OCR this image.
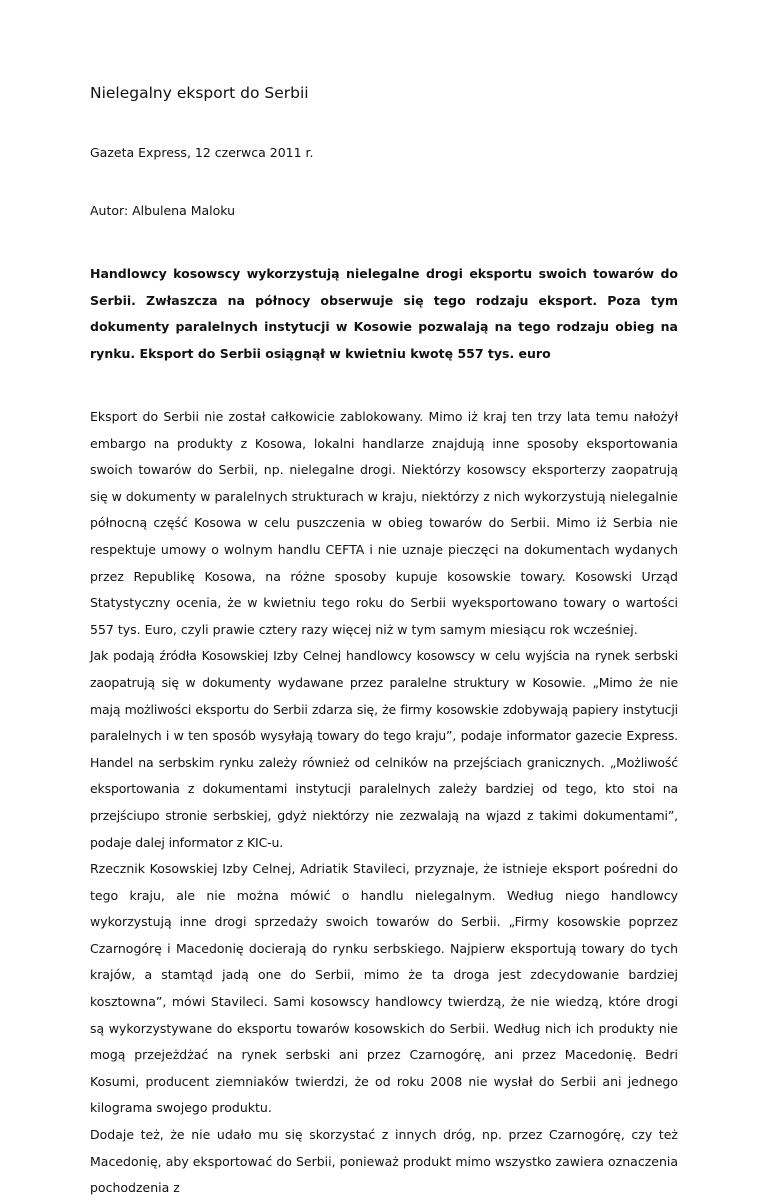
Nielegalny eksport do Serbii

Gazeta Express, 12 czerwca 2011 r.

Autor: Albulena Maloku

Handlowcy kosowscy wykorzystują nielegalne drogi eksportu swoich towarów do Serbii. Zwłaszcza na północy obserwuje się tego rodzaju eksport. Poza tym dokumenty paralelnych instytucji w Kosowie pozwalają na tego rodzaju obieg na rynku. Eksport do Serbii osiągnął w kwietniu kwotę 557 tys. euro

Eksport do Serbii nie został całkowicie zablokowany. Mimo iż kraj ten trzy lata temu nałożył embargo na produkty z Kosowa, lokalni handlarze znajdują inne sposoby eksportowania swoich towarów do Serbii, np. nielegalne drogi. Niektórzy kosowscy eksporterzy zaopatrują się w dokumenty w paralelnych strukturach w kraju, niektórzy z nich wykorzystują nielegalnie północną część Kosowa w celu puszczenia w obieg towarów do Serbii. Mimo iż Serbia nie respektuje umowy o wolnym handlu CEFTA i nie uznaje pieczęci na dokumentach wydanych przez Republikę Kosowa, na różne sposoby kupuje kosowskie towary. Kosowski Urząd Statystyczny ocenia, że w kwietniu tego roku do Serbii wyeksportowano towary o wartości 557 tys. Euro, czyli prawie cztery razy więcej niż w tym samym miesiącu rok wcześniej.

Jak podają źródła Kosowskiej Izby Celnej handlowcy kosowscy w celu wyjścia na rynek serbski zaopatrują się w dokumenty wydawane przez paralelne struktury w Kosowie. „Mimo że nie mają możliwości eksportu do Serbii zdarza się, że firmy kosowskie zdobywają papiery instytucji paralelnych i w ten sposób wysyłają towary do tego kraju”, podaje informator gazecie Express. Handel na serbskim rynku zależy również od celników na przejściach granicznych. „Możliwość eksportowania z dokumentami instytucji paralelnych zależy bardziej od tego, kto stoi na przejściupo stronie serbskiej, gdyż niektórzy nie zezwalają na wjazd z takimi dokumentami”, podaje dalej informator z KIC-u.

Rzecznik Kosowskiej Izby Celnej, Adriatik Stavileci, przyznaje, że istnieje eksport pośredni do tego kraju, ale nie można mówić o handlu nielegalnym. Według niego handlowcy wykorzystują inne drogi sprzedaży swoich towarów do Serbii. „Firmy kosowskie poprzez Czarnogórę i Macedonię docierają do rynku serbskiego. Najpierw eksportują towary do tych krajów, a stamtąd jadą one do Serbii, mimo że ta droga jest zdecydowanie bardziej kosztowna”, mówi Stavileci. Sami kosowscy handlowcy twierdzą, że nie wiedzą, które drogi są wykorzystywane do eksportu towarów kosowskich do Serbii. Według nich ich produkty nie mogą przejeżdżać na rynek serbski ani przez Czarnogórę, ani przez Macedonię. Bedri Kosumi, producent ziemniaków twierdzi, że od roku 2008 nie wysłał do Serbii ani jednego kilograma swojego produktu.

Dodaje też, że nie udało mu się skorzystać z innych dróg, np. przez Czarnogórę, czy też Macedonię, aby eksportować do Serbii, ponieważ produkt mimo wszystko zawiera oznaczenia pochodzenia z
